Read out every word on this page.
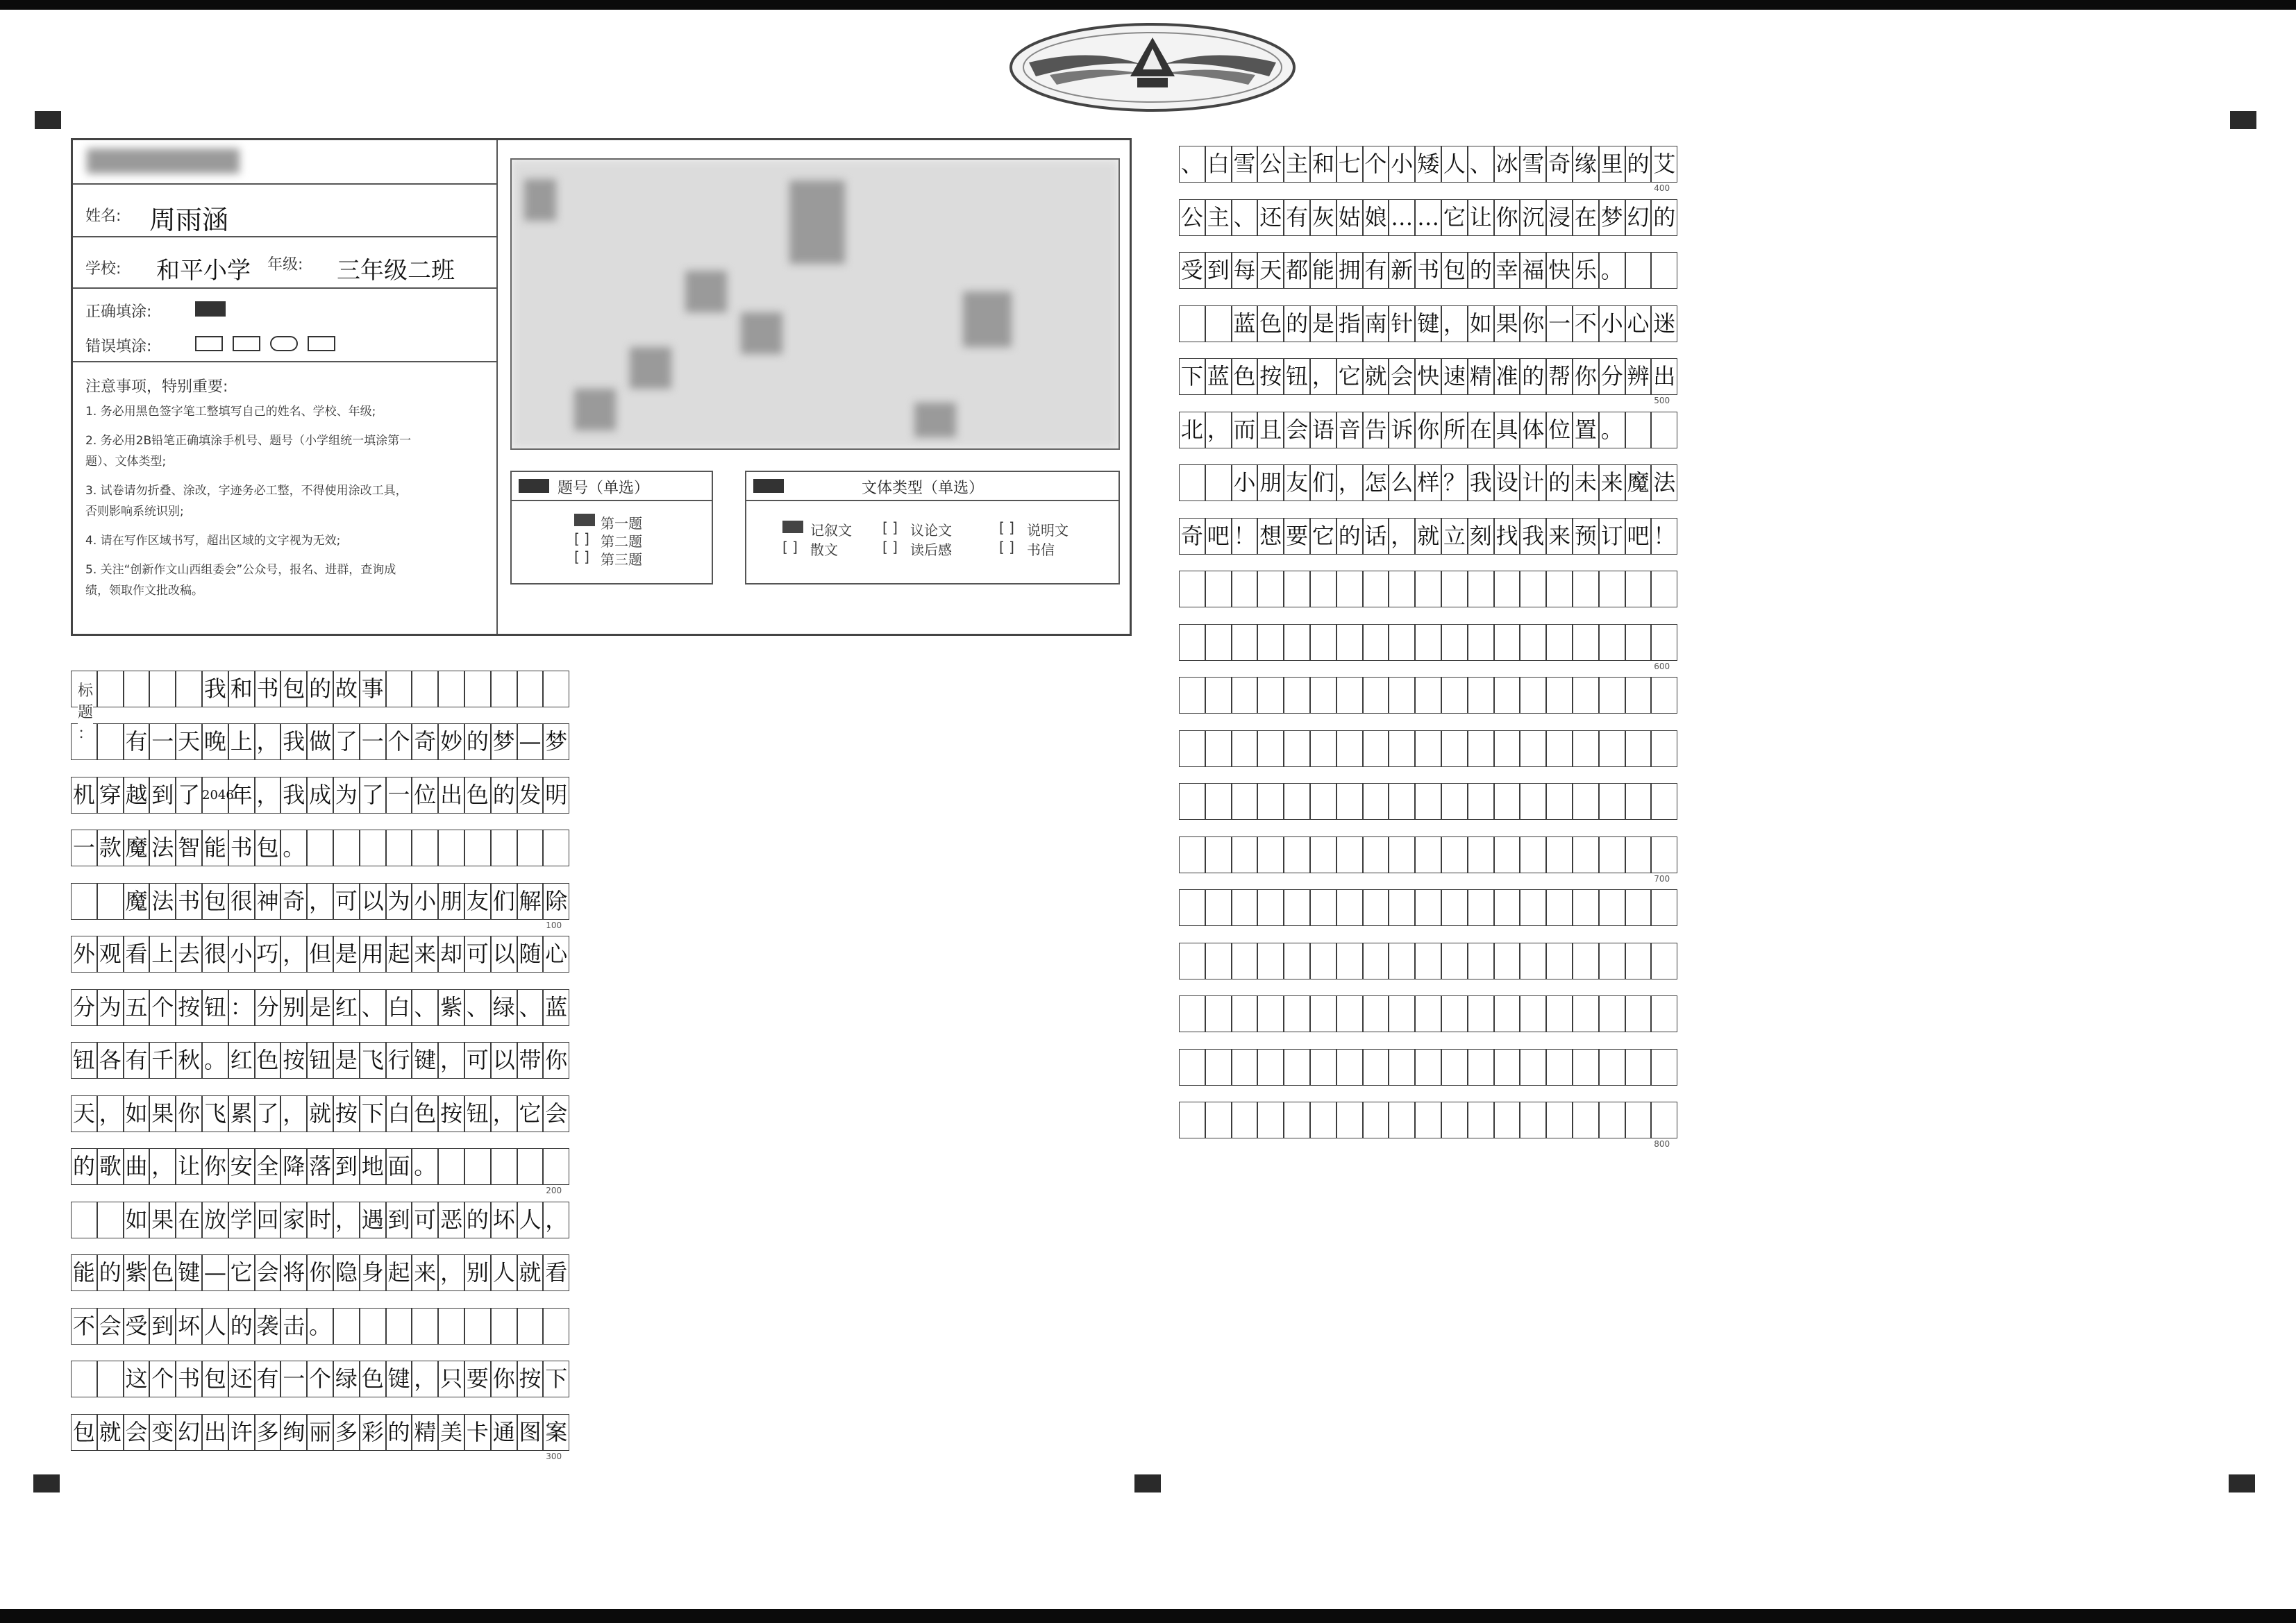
姓名: 周雨涵
学校: 和平小学 年级: 三年级二班
正确填涂:
错误填涂:
注意事项，特别重要:
1. 务必用黑色签字笔工整填写自己的姓名、学校、年级;
2. 务必用2B铅笔正确填涂手机号、题号（小学组统一填涂第一
题）、文体类型;
3. 试卷请勿折叠、涂改，字迹务必工整，不得使用涂改工具，
否则影响系统识别;
4. 请在写作区域书写，超出区域的文字视为无效;
5. 关注“创新作文山西组委会”公众号，报名、进群，查询成
绩，领取作文批改稿。
题号（单选）
第一题
[ ] 第二题
[ ] 第三题
文体类型（单选）
记叙文 [ ] 议论文	[ ] 说明文
[ ] 散文	[ ] 读后感	[ ] 书信
有 一 天 晚 上 ， 我 做 了 一 个 奇 妙 的 梦 — 梦
机 穿 越 到 了 2046
年 ， 我 成 为 了 一 位 出 色 的 发 明
一 款 魔 法 智 能 书 包 。
魔 法 书 包 很 神 奇 ， 可 以 为 小 朋 友 们 解 除
外 观 看 上 去 很 小 巧 ， 但 是 用 起 来 却 可 以 随 心
分 为 五 个 按 钮 ： 分 别 是 红 、 白 、 紫 、 绿 、 蓝
钮 各 有 千 秋 。 红 色 按 钮 是 飞 行 键 ， 可 以 带 你
天 ， 如 果 你 飞 累 了 ， 就 按 下 白 色 按 钮 ， 它 会
的 歌 曲 ， 让 你 安 全 降 落 到 地 面 。
如 果 在 放 学 回 家 时 ， 遇 到 可 恶 的 坏 人 ，
能 的 紫 色 键 — 它 会 将 你 隐 身 起 来 ， 别 人 就 看
不 会 受 到 坏 人 的 袭 击 。
这 个 书 包 还 有 一 个 绿 色 键 ， 只 要 你 按 下
包 就 会 变 幻 出 许 多 绚 丽 多 彩 的 精 美 卡 通 图 案
100
200
300
、 白 雪 公 主 和 七 个 小 矮 人 、 冰 雪 奇 缘 里 的 艾
公 主 、 还 有 灰 姑 娘 … … 它 让 你 沉 浸 在 梦 幻 的
受 到 每 天 都 能 拥 有 新 书 包 的 幸 福 快 乐 。
蓝 色 的 是 指 南 针 键 ， 如 果 你 一 不 小 心 迷
下 蓝 色 按 钮 ， 它 就 会 快 速 精 准 的 帮 你 分 辨 出
北 ， 而 且 会 语 音 告 诉 你 所 在 具 体 位 置 。
小 朋 友 们 ， 怎 么 样 ？ 我 设 计 的 未 来 魔 法
奇 吧 ！ 想 要 它 的 话 ， 就 立 刻 找 我 来 预 订 吧 ！
400
500
600
700
800
标 题 ：
我 和 书 包 的 故 事
